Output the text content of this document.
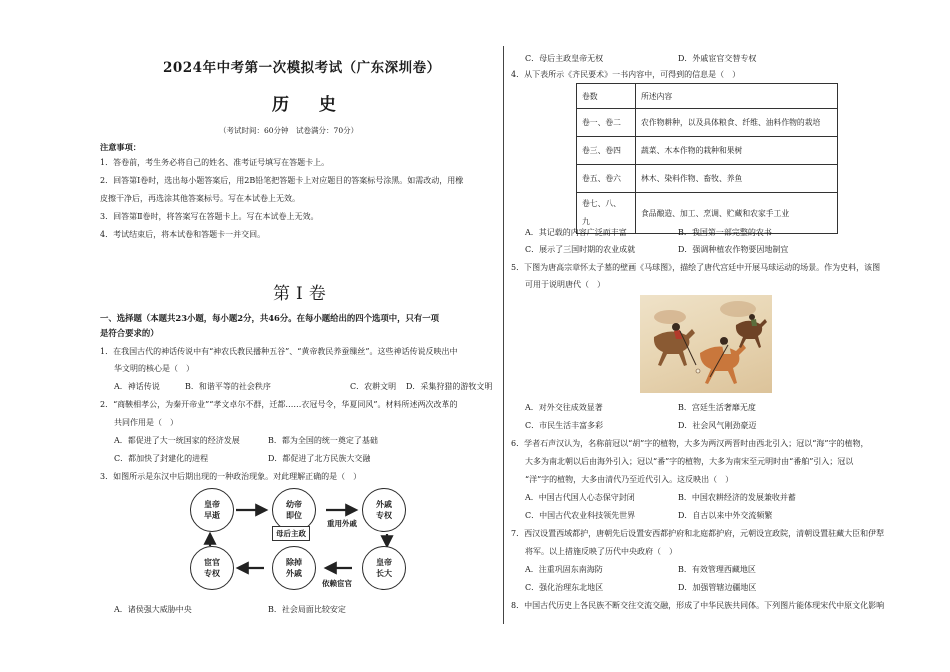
2024年中考第一次模拟考试（广东深圳卷）
历 史
（考试时间：60分钟　试卷满分：70分）
注意事项：
1．答卷前，考生务必将自己的姓名、准考证号填写在答题卡上。
2．回答第Ⅰ卷时，选出每小题答案后，用2B铅笔把答题卡上对应题目的答案标号涂黑。如需改动，用橡
皮擦干净后，再选涂其他答案标号。写在本试卷上无效。
3．回答第Ⅱ卷时，将答案写在答题卡上。写在本试卷上无效。
4．考试结束后，将本试卷和答题卡一并交回。
第Ⅰ卷
一、选择题（本题共23小题，每小题2分，共46分。在每小题给出的四个选项中，只有一项
是符合要求的）
1．在我国古代的神话传说中有“神农氏教民播种五谷”、“黄帝教民养蚕缫丝”。这些神话传说反映出中
华文明的核心是（　）
A．神话传说	B．和谐平等的社会秩序	C．农耕文明 D．采集狩猎的游牧文明
2．“商鞅相孝公，为秦开帝业”“孝文卓尔不群，迁都……衣冠号令，华夏同风”。材料所述两次改革的
共同作用是（　）
A．都促进了大一统国家的经济发展	B．都为全国的统一奠定了基础
C．都加快了封建化的进程	D．都促进了北方民族大交融
3．如图所示是东汉中后期出现的一种政治现象。对此理解正确的是（　）
皇帝
早逝
幼帝
即位
外戚
专权
皇帝
长大
除掉
外戚
宦官
专权
母后主政
重用外戚
依赖宦官
A．诸侯强大威胁中央	B．社会局面比较安定
C．母后主政皇帝无权	D．外戚宦官交替专权
4．从下表所示《齐民要术》一书内容中，可得到的信息是（　）
卷数	所述内容
卷一、卷二	农作物耕种，以及具体粮食、纤维、油料作物的栽培
卷三、卷四	蔬菜、木本作物的栽种和果树
卷五、卷六	林木、染料作物、畜牧、养鱼

卷七、八、
九	食品酿造、加工、烹调、贮藏和农家手工业
A．其记载的内容广泛而丰富	B．我国第一部完整的农书
C．展示了三国时期的农业成就	D．强调种植农作物要因地制宜
5．下图为唐高宗章怀太子墓的壁画《马球图》，描绘了唐代宫廷中开展马球运动的场景。作为史料，该图
可用于说明唐代（　）
A．对外交往成效显著	B．宫廷生活奢靡无度
C．市民生活丰富多彩	D．社会风气刚劲豪迈
6．学者石声汉认为，名称前冠以“胡”字的植物，大多为两汉两晋时由西北引入；冠以“海”字的植物，
大多为南北朝以后由海外引入；冠以“番”字的植物，大多为南宋至元明时由“番舶”引入；冠以
“洋”字的植物，大多由清代乃至近代引入。这反映出（　）
A．中国古代国人心态保守封闭	B．中国农耕经济的发展兼收并蓄
C．中国古代农业科技领先世界	D．自古以来中外交流频繁
7．西汉设置西域都护，唐朝先后设置安西都护府和北庭都护府，元朝设宣政院，清朝设置驻藏大臣和伊犁
将军。以上措施反映了历代中央政府（　）
A．注重巩固东南海防	B．有效管理西藏地区
C．强化治理东北地区	D．加强管辖边疆地区
8．中国古代历史上各民族不断交往交流交融，形成了中华民族共同体。下列图片能体现宋代中原文化影响
